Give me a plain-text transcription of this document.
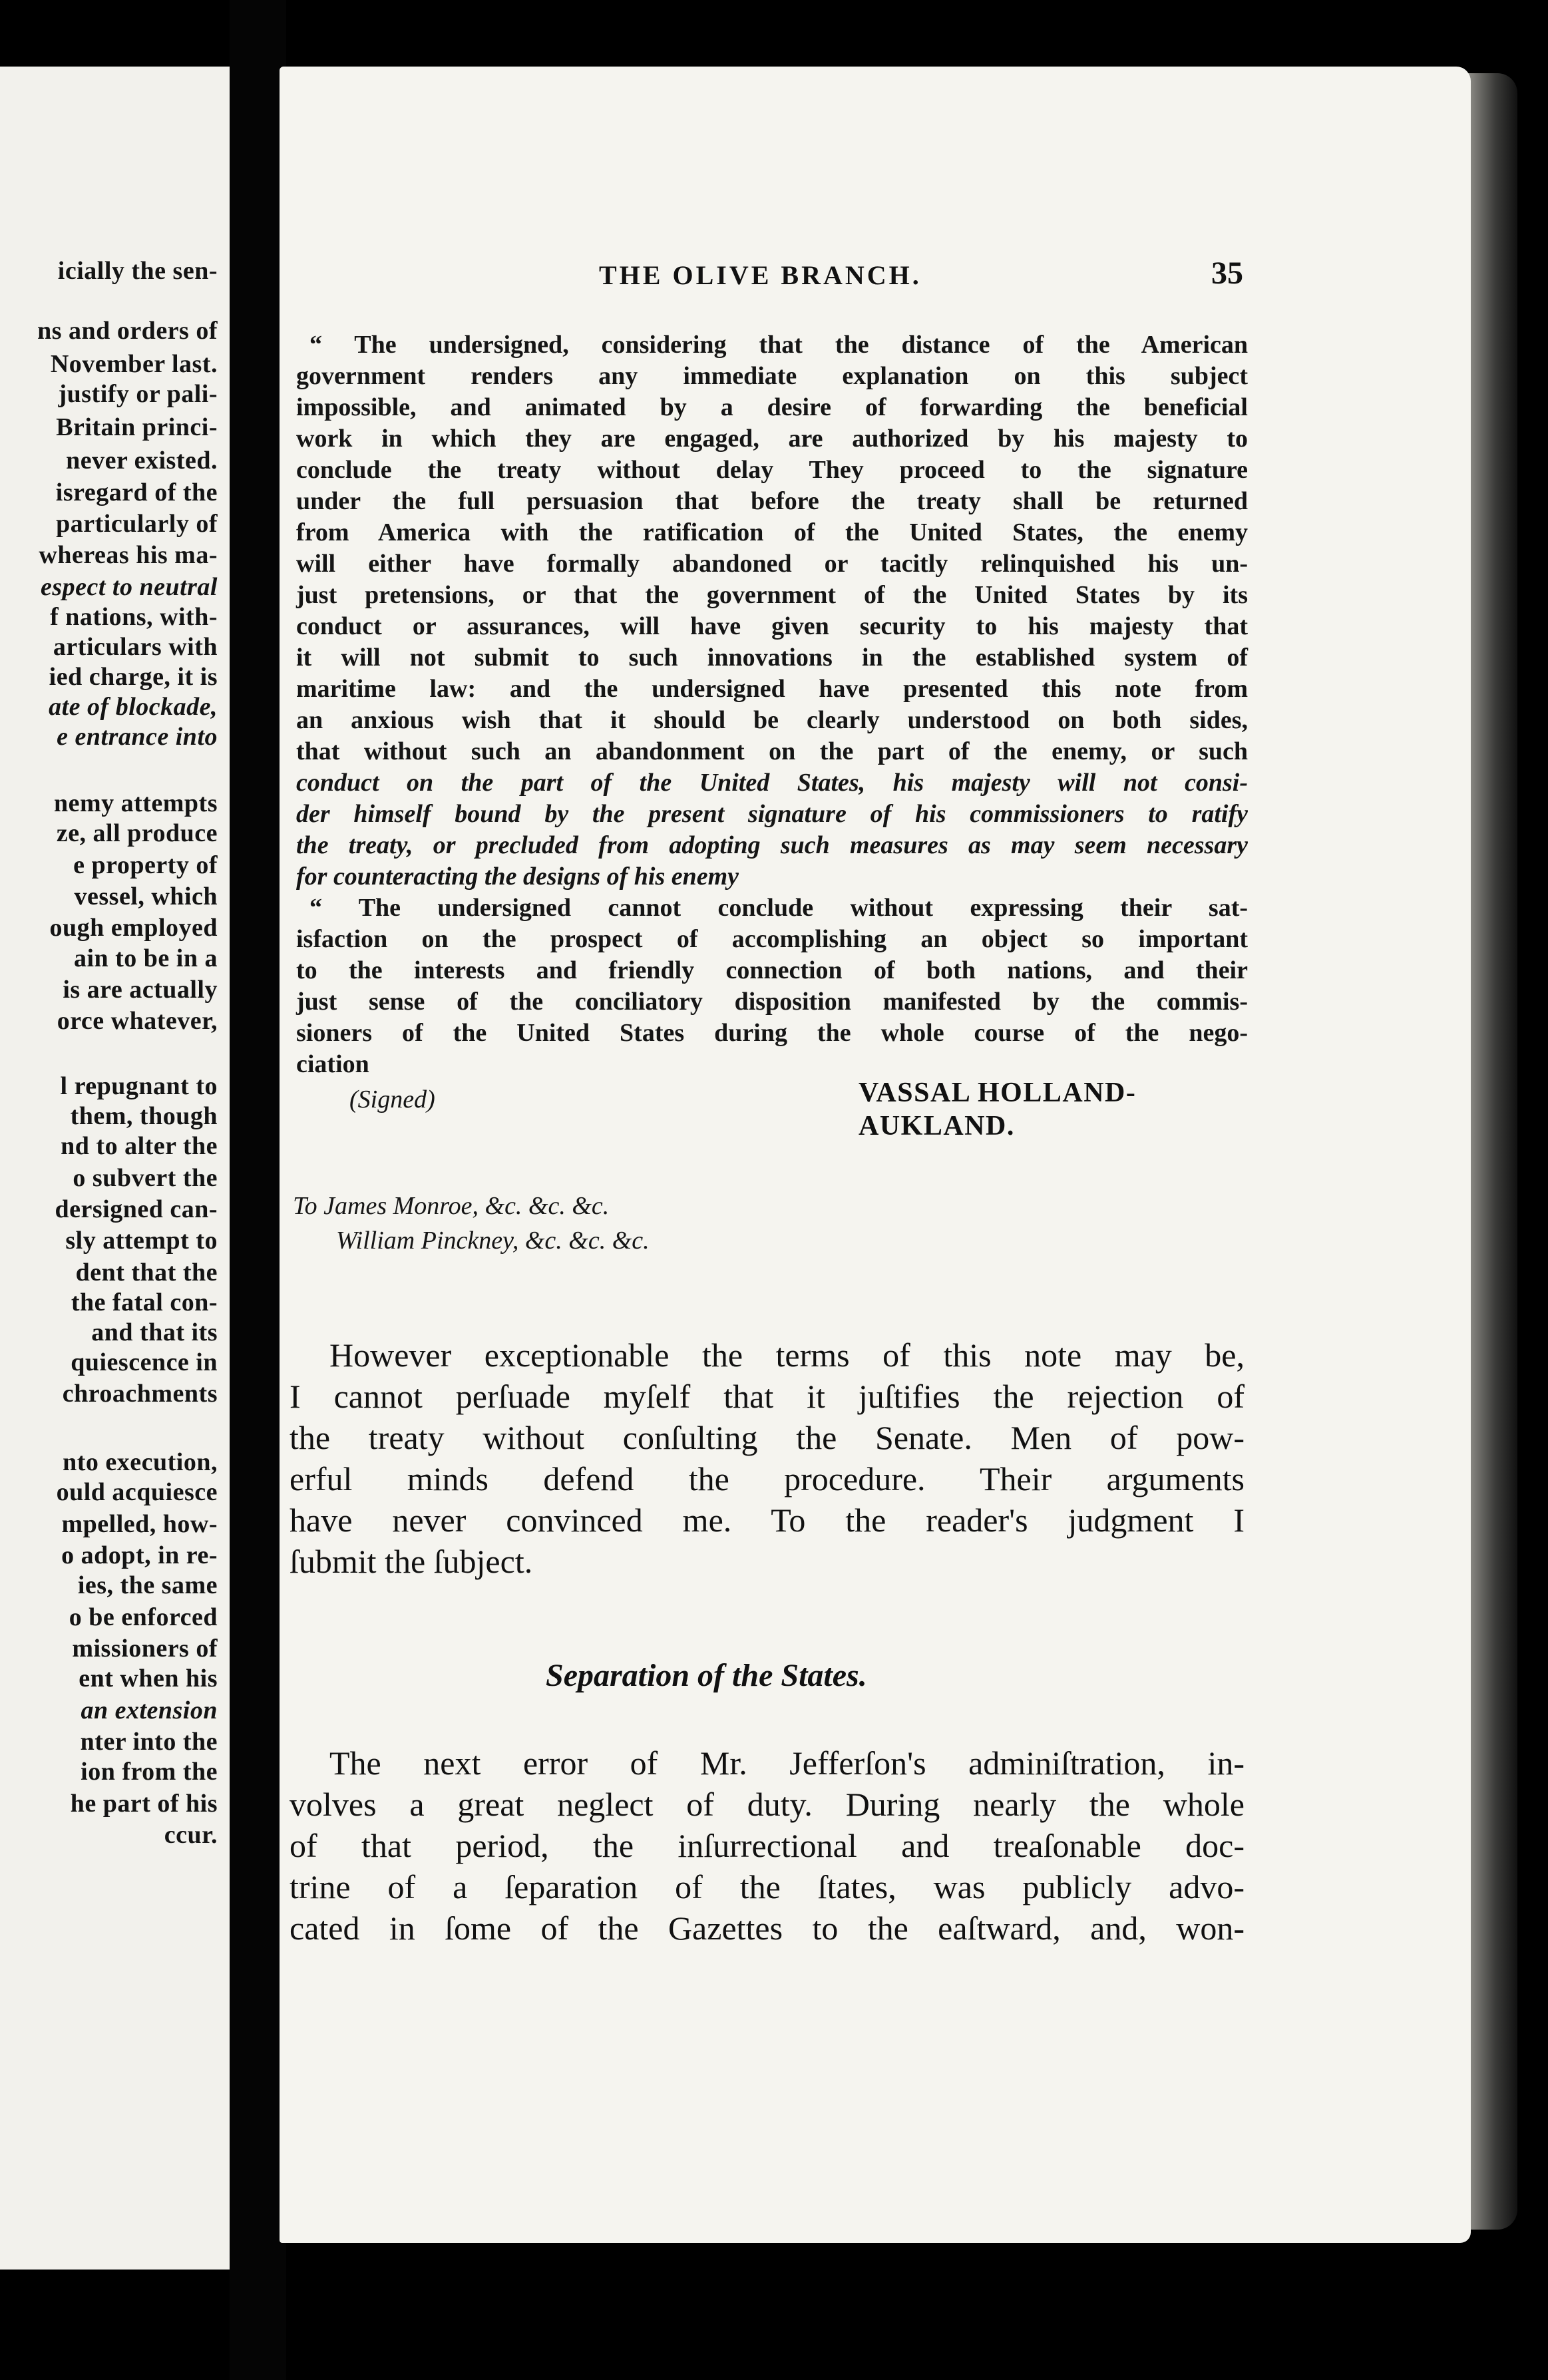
icially the sen-
ns and orders of
November last.
justify or pali-
Britain princi-
never existed.
isregard of the
particularly of
whereas his ma-
espect to neutral
f nations, with-
articulars with
ied charge, it is
ate of blockade,
e entrance into
nemy attempts
ze, all produce
e property of
vessel, which
ough employed
ain to be in a
is are actually
orce whatever,
l repugnant to
them, though
nd to alter the
o subvert the
dersigned can-
sly attempt to
dent that the
the fatal con-
and that its
quiescence in
chroachments
nto execution,
ould acquiesce
mpelled, how-
o adopt, in re-
ies, the same
o be enforced
missioners of
ent when his
an extension
nter into the
ion from the
he part of his
ccur.
THE OLIVE BRANCH.	35
“ The undersigned, considering that the distance of the American
government renders any immediate explanation on this subject
impossible, and animated by a desire of forwarding the beneficial
work in which they are engaged, are authorized by his majesty to
conclude the treaty without delay They proceed to the signature
under the full persuasion that before the treaty shall be returned
from America with the ratification of the United States, the enemy
will either have formally abandoned or tacitly relinquished his un-
just pretensions, or that the government of the United States by its
conduct or assurances, will have given security to his majesty that
it will not submit to such innovations in the established system of
maritime law: and the undersigned have presented this note from
an anxious wish that it should be clearly understood on both sides,
that without such an abandonment on the part of the enemy, or such
conduct on the part of the United States, his majesty will not consi-
der himself bound by the present signature of his commissioners to ratify
the treaty, or precluded from adopting such measures as may seem necessary
for counteracting the designs of his enemy
“ The undersigned cannot conclude without expressing their sat-
isfaction on the prospect of accomplishing an object so important
to the interests and friendly connection of both nations, and their
just sense of the conciliatory disposition manifested by the commis-
sioners of the United States during the whole course of the nego-
ciation
(Signed)	VASSAL HOLLAND-
AUKLAND.
To James Monroe, &c. &c. &c.
William Pinckney, &c. &c. &c.
However exceptionable the terms of this note may be,
I cannot perſuade myſelf that it juſtifies the rejection of
the treaty without conſulting the Senate. Men of pow-
erful minds defend the procedure. Their arguments
have never convinced me. To the reader's judgment I
ſubmit the ſubject.
Separation of the States.
The next error of Mr. Jefferſon's adminiſtration, in-
volves a great neglect of duty. During nearly the whole
of that period, the inſurrectional and treaſonable doc-
trine of a ſeparation of the ſtates, was publicly advo-
cated in ſome of the Gazettes to the eaſtward, and, won-
